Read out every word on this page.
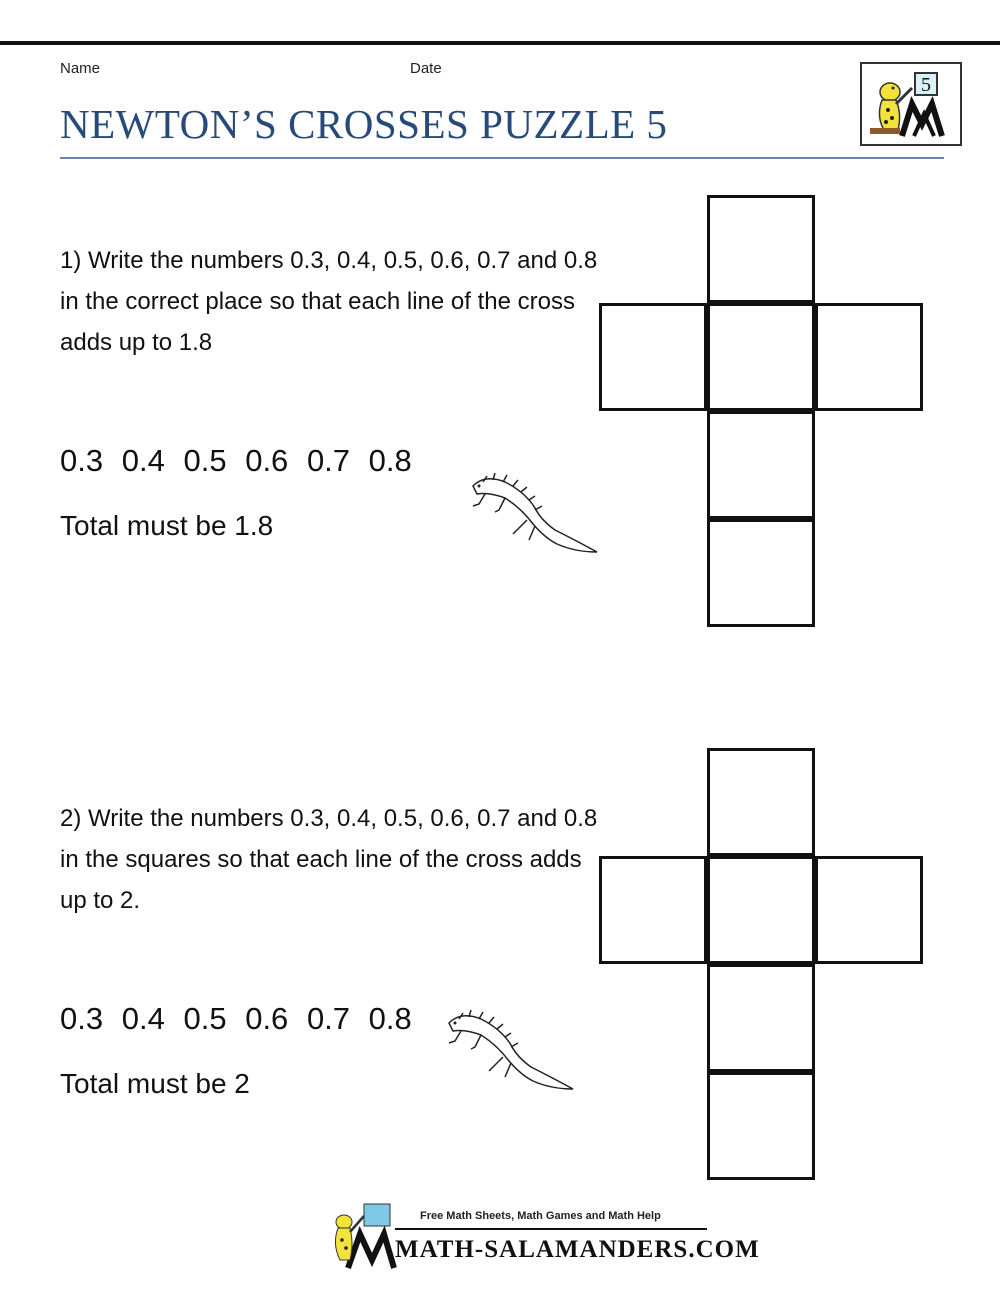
Name	Date
NEWTON’S CROSSES PUZZLE 5
5
1) Write the numbers 0.3, 0.4, 0.5, 0.6, 0.7 and 0.8 in the correct place so that each line of the cross adds up to 1.8
0.3 0.4 0.5 0.6 0.7 0.8
Total must be 1.8
2) Write the numbers 0.3, 0.4, 0.5, 0.6, 0.7 and 0.8 in the squares so that each line of the cross adds up to 2.
0.3 0.4 0.5 0.6 0.7 0.8
Total must be 2
Free Math Sheets, Math Games and Math Help
MATH-SALAMANDERS.COM
